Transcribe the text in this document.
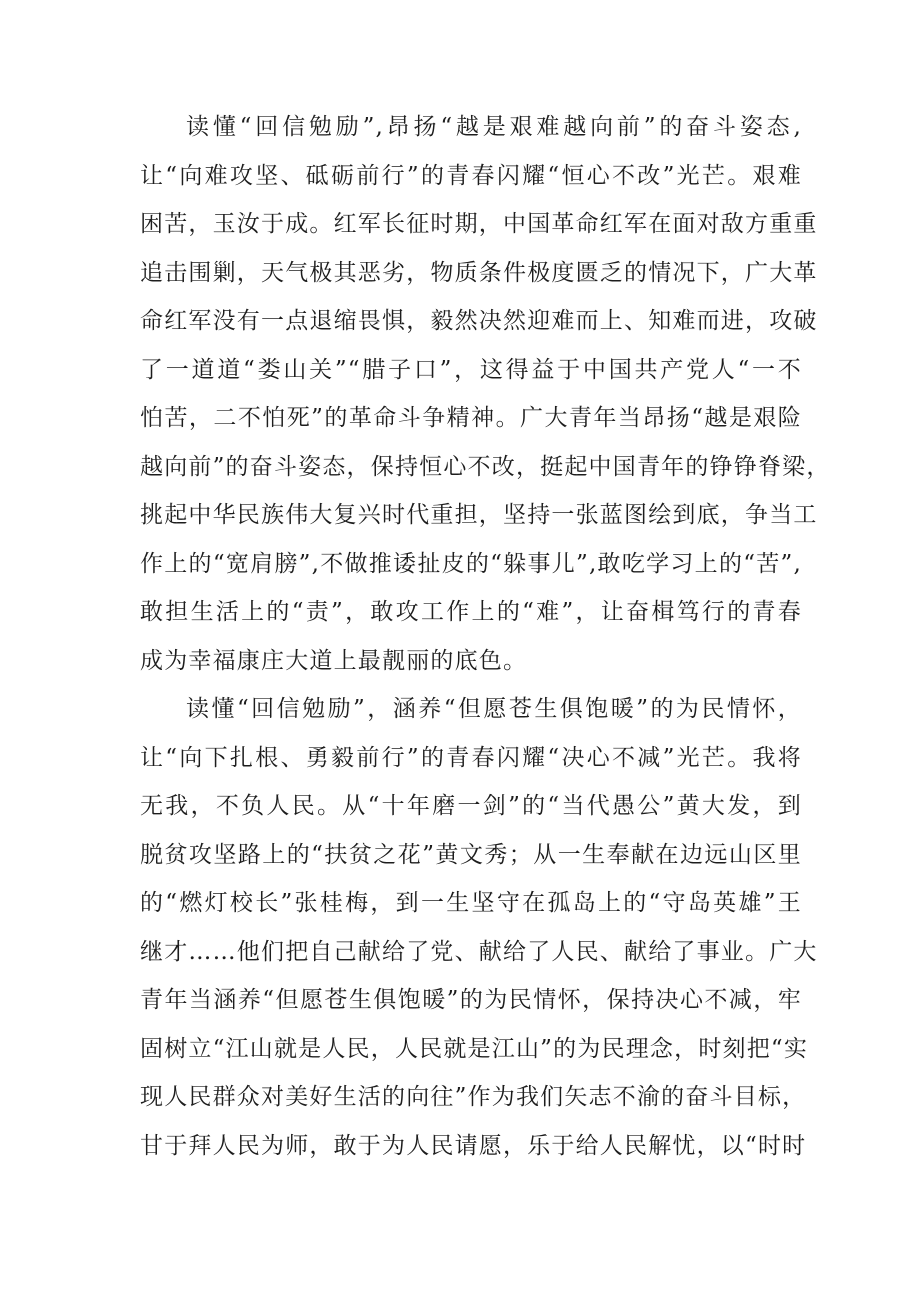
读懂“回信勉励”,昂扬“越是艰难越向前”的奋斗姿态,
让“向难攻坚、砥砺前行”的青春闪耀“恒心不改”光芒。艰难
困苦，玉汝于成。红军长征时期，中国革命红军在面对敌方重重
追击围剿，天气极其恶劣，物质条件极度匮乏的情况下，广大革
命红军没有一点退缩畏惧，毅然决然迎难而上、知难而进，攻破
了一道道“娄山关”“腊子口”，这得益于中国共产党人“一不
怕苦，二不怕死”的革命斗争精神。广大青年当昂扬“越是艰险
越向前”的奋斗姿态，保持恒心不改，挺起中国青年的铮铮脊梁，
挑起中华民族伟大复兴时代重担，坚持一张蓝图绘到底，争当工
作上的“宽肩膀”,不做推诿扯皮的“躲事儿”,敢吃学习上的“苦”,
敢担生活上的“责”，敢攻工作上的“难”，让奋楫笃行的青春
成为幸福康庄大道上最靓丽的底色。

读懂“回信勉励”，涵养“但愿苍生俱饱暖”的为民情怀，
让“向下扎根、勇毅前行”的青春闪耀“决心不减”光芒。我将
无我，不负人民。从“十年磨一剑”的“当代愚公”黄大发，到
脱贫攻坚路上的“扶贫之花”黄文秀；从一生奉献在边远山区里
的“燃灯校长”张桂梅，到一生坚守在孤岛上的“守岛英雄”王
继才……他们把自己献给了党、献给了人民、献给了事业。广大
青年当涵养“但愿苍生俱饱暖”的为民情怀，保持决心不减，牢
固树立“江山就是人民，人民就是江山”的为民理念，时刻把“实
现人民群众对美好生活的向往”作为我们矢志不渝的奋斗目标，
甘于拜人民为师，敢于为人民请愿，乐于给人民解忧，以“时时
